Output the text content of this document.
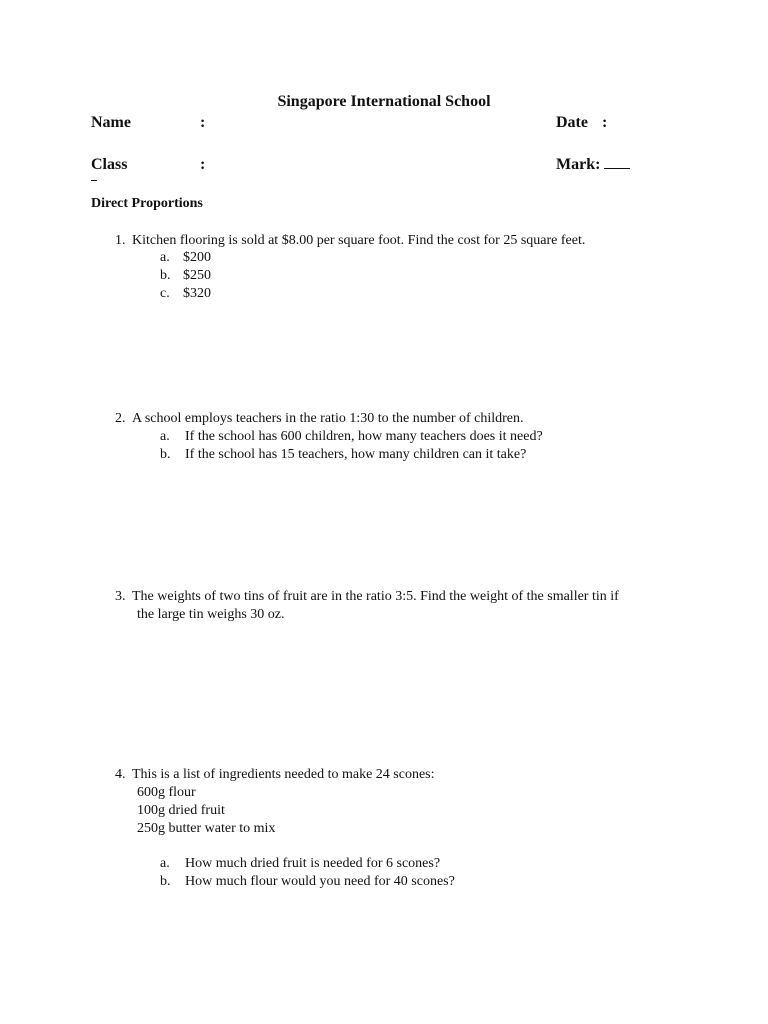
Singapore International School
Name	:	Date :
Class	:	Mark:
Direct Proportions
1. Kitchen flooring is sold at $8.00 per square foot. Find the cost for 25 square feet.
a. $200
b. $250
c. $320
2. A school employs teachers in the ratio 1:30 to the number of children.
a. If the school has 600 children, how many teachers does it need?
b. If the school has 15 teachers, how many children can it take?
3. The weights of two tins of fruit are in the ratio 3:5. Find the weight of the smaller tin if
the large tin weighs 30 oz.
4. This is a list of ingredients needed to make 24 scones:
600g flour
100g dried fruit
250g butter water to mix
a. How much dried fruit is needed for 6 scones?
b. How much flour would you need for 40 scones?
